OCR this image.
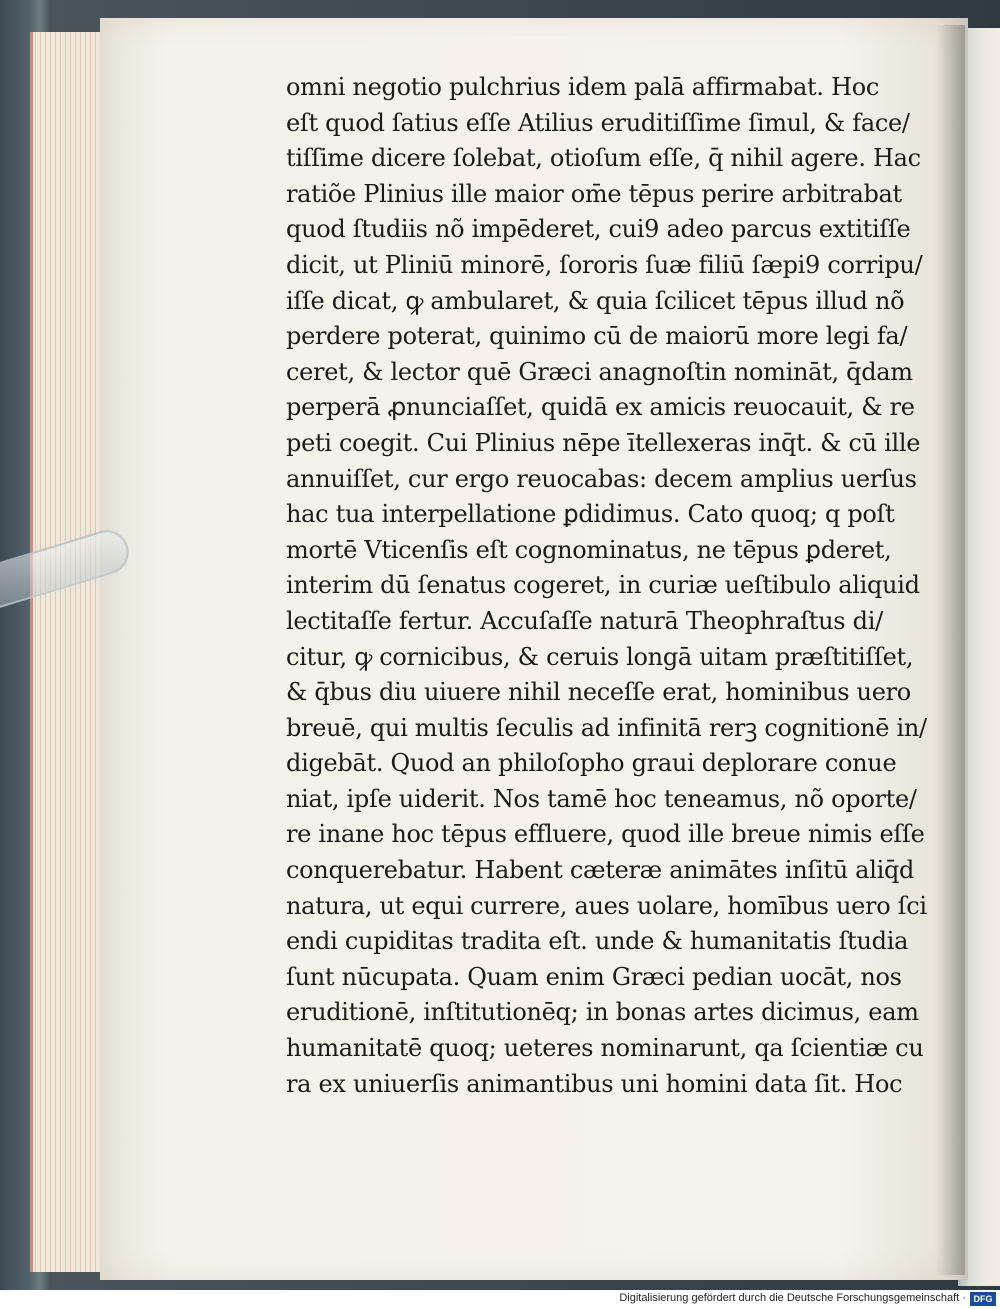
omni negotio pulchrius idem palā affirmabat. Hoc
eſt quod ſatius eſſe Atilius eruditiſſime ſimul, & face/
tiſſime dicere ſolebat, otioſum eſſe, q̄ nihil agere. Hac
ratiõe Plinius ille maior om̄e tēpus perire arbitrabat
quod ſtudiis nõ impēderet, cui9 adeo parcus extitiſſe
dicit, ut Pliniū minorē, ſororis ſuæ filiū ſæpi9 corripu/
iſſe dicat, ꝙ ambularet, & quia ſcilicet tēpus illud nõ
perdere poterat, quinimo cū de maiorū more legi fa/
ceret, & lector quē Græci anagnoſtin nomināt, q̄dam
perperā ꝓnunciaſſet, quidā ex amicis reuocauit, & re
peti coegit. Cui Plinius nēpe ītellexeras inq̄t. & cū ille
annuiſſet, cur ergo reuocabas: decem amplius uerſus
hac tua interpellatione ꝑdidimus. Cato quoq; q poſt
mortē Vticenſis eſt cognominatus, ne tēpus ꝑderet,
interim dū ſenatus cogeret, in curiæ ueſtibulo aliquid
lectitaſſe fertur. Accuſaſſe naturā Theophraſtus di/
citur, ꝙ cornicibus, & ceruis longā uitam præſtitiſſet,
& q̄bus diu uiuere nihil neceſſe erat, hominibus uero
breuē, qui multis ſeculis ad infinitā rerꝫ cognitionē in/
digebāt. Quod an philoſopho graui deplorare conue
niat, ipſe uiderit. Nos tamē hoc teneamus, nõ oporte/
re inane hoc tēpus effluere, quod ille breue nimis eſſe
conquerebatur. Habent cæteræ animātes inſitū aliq̄d
natura, ut equi currere, aues uolare, homībus uero ſci
endi cupiditas tradita eſt. unde & humanitatis ſtudia
ſunt nūcupata. Quam enim Græci pedian uocāt, nos
eruditionē, inſtitutionēq; in bonas artes dicimus, eam
humanitatē quoq; ueteres nominarunt, qa ſcientiæ cu
ra ex uniuerſis animantibus uni homini data ſit. Hoc
Digitalisierung gefördert durch die Deutsche Forschungsgemeinschaft · DFG
